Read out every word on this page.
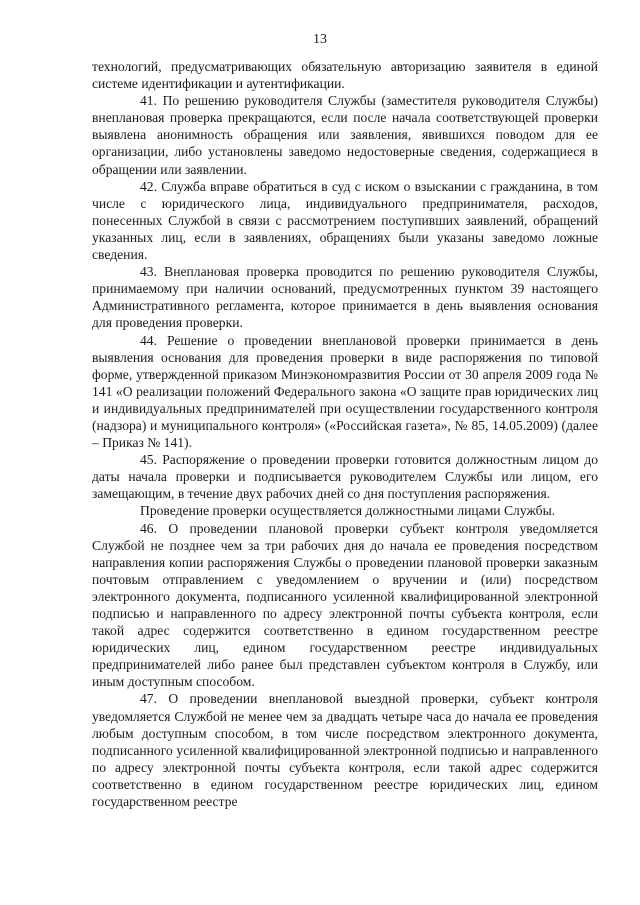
13

технологий, предусматривающих обязательную авторизацию заявителя в единой системе идентификации и аутентификации.

41. По решению руководителя Службы (заместителя руководителя Службы) внеплановая проверка прекращаются, если после начала соответствующей проверки выявлена анонимность обращения или заявления, явившихся поводом для ее организации, либо установлены заведомо недостоверные сведения, содержащиеся в обращении или заявлении.

42. Служба вправе обратиться в суд с иском о взыскании с гражданина, в том числе с юридического лица, индивидуального предпринимателя, расходов, понесенных Службой в связи с рассмотрением поступивших заявлений, обращений указанных лиц, если в заявлениях, обращениях были указаны заведомо ложные сведения.

43. Внеплановая проверка проводится по решению руководителя Службы, принимаемому при наличии оснований, предусмотренных пунктом 39 настоящего Административного регламента, которое принимается в день выявления основания для проведения проверки.

44. Решение о проведении внеплановой проверки принимается в день выявления основания для проведения проверки в виде распоряжения по типовой форме, утвержденной приказом Минэкономразвития России от 30 апреля 2009 года № 141 «О реализации положений Федерального закона «О защите прав юридических лиц и индивидуальных предпринимателей при осуществлении государственного контроля (надзора) и муниципального контроля» («Российская газета», № 85, 14.05.2009) (далее – Приказ № 141).

45. Распоряжение о проведении проверки готовится должностным лицом до даты начала проверки и подписывается руководителем Службы или лицом, его замещающим, в течение двух рабочих дней со дня поступления распоряжения.

Проведение проверки осуществляется должностными лицами Службы.

46. О проведении плановой проверки субъект контроля уведомляется Службой не позднее чем за три рабочих дня до начала ее проведения посредством направления копии распоряжения Службы о проведении плановой проверки заказным почтовым отправлением с уведомлением о вручении и (или) посредством электронного документа, подписанного усиленной квалифицированной электронной подписью и направленного по адресу электронной почты субъекта контроля, если такой адрес содержится соответственно в едином государственном реестре юридических лиц, едином государственном реестре индивидуальных предпринимателей либо ранее был представлен субъектом контроля в Службу, или иным доступным способом.

47. О проведении внеплановой выездной проверки, субъект контроля уведомляется Службой не менее чем за двадцать четыре часа до начала ее проведения любым доступным способом, в том числе посредством электронного документа, подписанного усиленной квалифицированной электронной подписью и направленного по адресу электронной почты субъекта контроля, если такой адрес содержится соответственно в едином государственном реестре юридических лиц, едином государственном реестре
